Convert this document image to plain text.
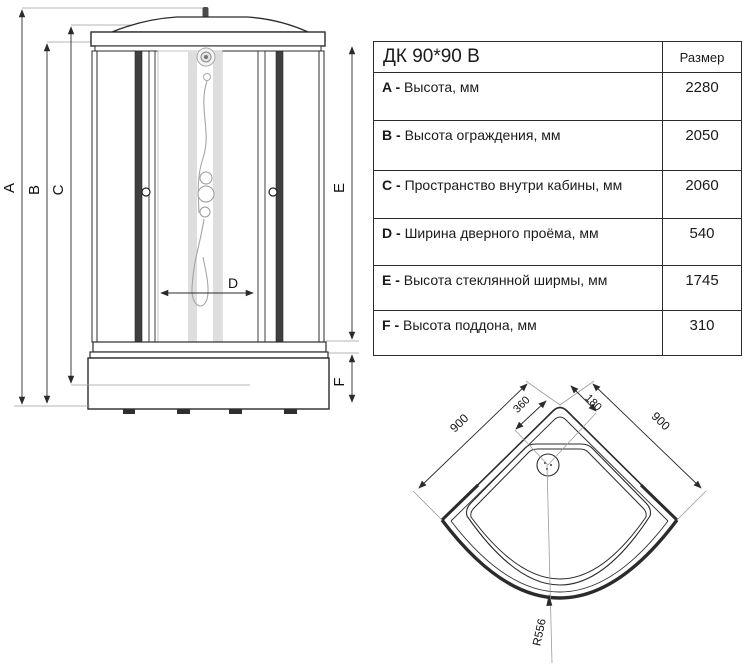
A B C	E
F
D
ДК 90*90 В	Размер
A - Высота, мм	2280
B - Высота ограждения, мм	2050
C - Пространство внутри кабины, мм	2060
D - Ширина дверного проёма, мм	540
E - Высота стеклянной ширмы, мм	1745
F - Высота поддона, мм	310
900	900
360	180
R556
